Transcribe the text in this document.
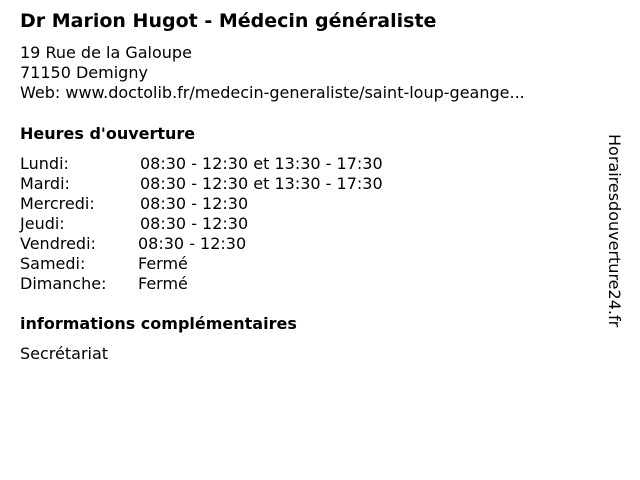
Dr Marion Hugot - Médecin généraliste
19 Rue de la Galoupe
71150 Demigny
Web: www.doctolib.fr/medecin-generaliste/saint-loup-geange...
Heures d'ouverture
Lundi:	08:30 - 12:30 et 13:30 - 17:30
Mardi:	08:30 - 12:30 et 13:30 - 17:30
Mercredi:	08:30 - 12:30
Jeudi:	08:30 - 12:30
Vendredi:	08:30 - 12:30
Samedi:	Fermé
Dimanche: Fermé
informations complémentaires
Secrétariat
Horairesdouverture24.fr
